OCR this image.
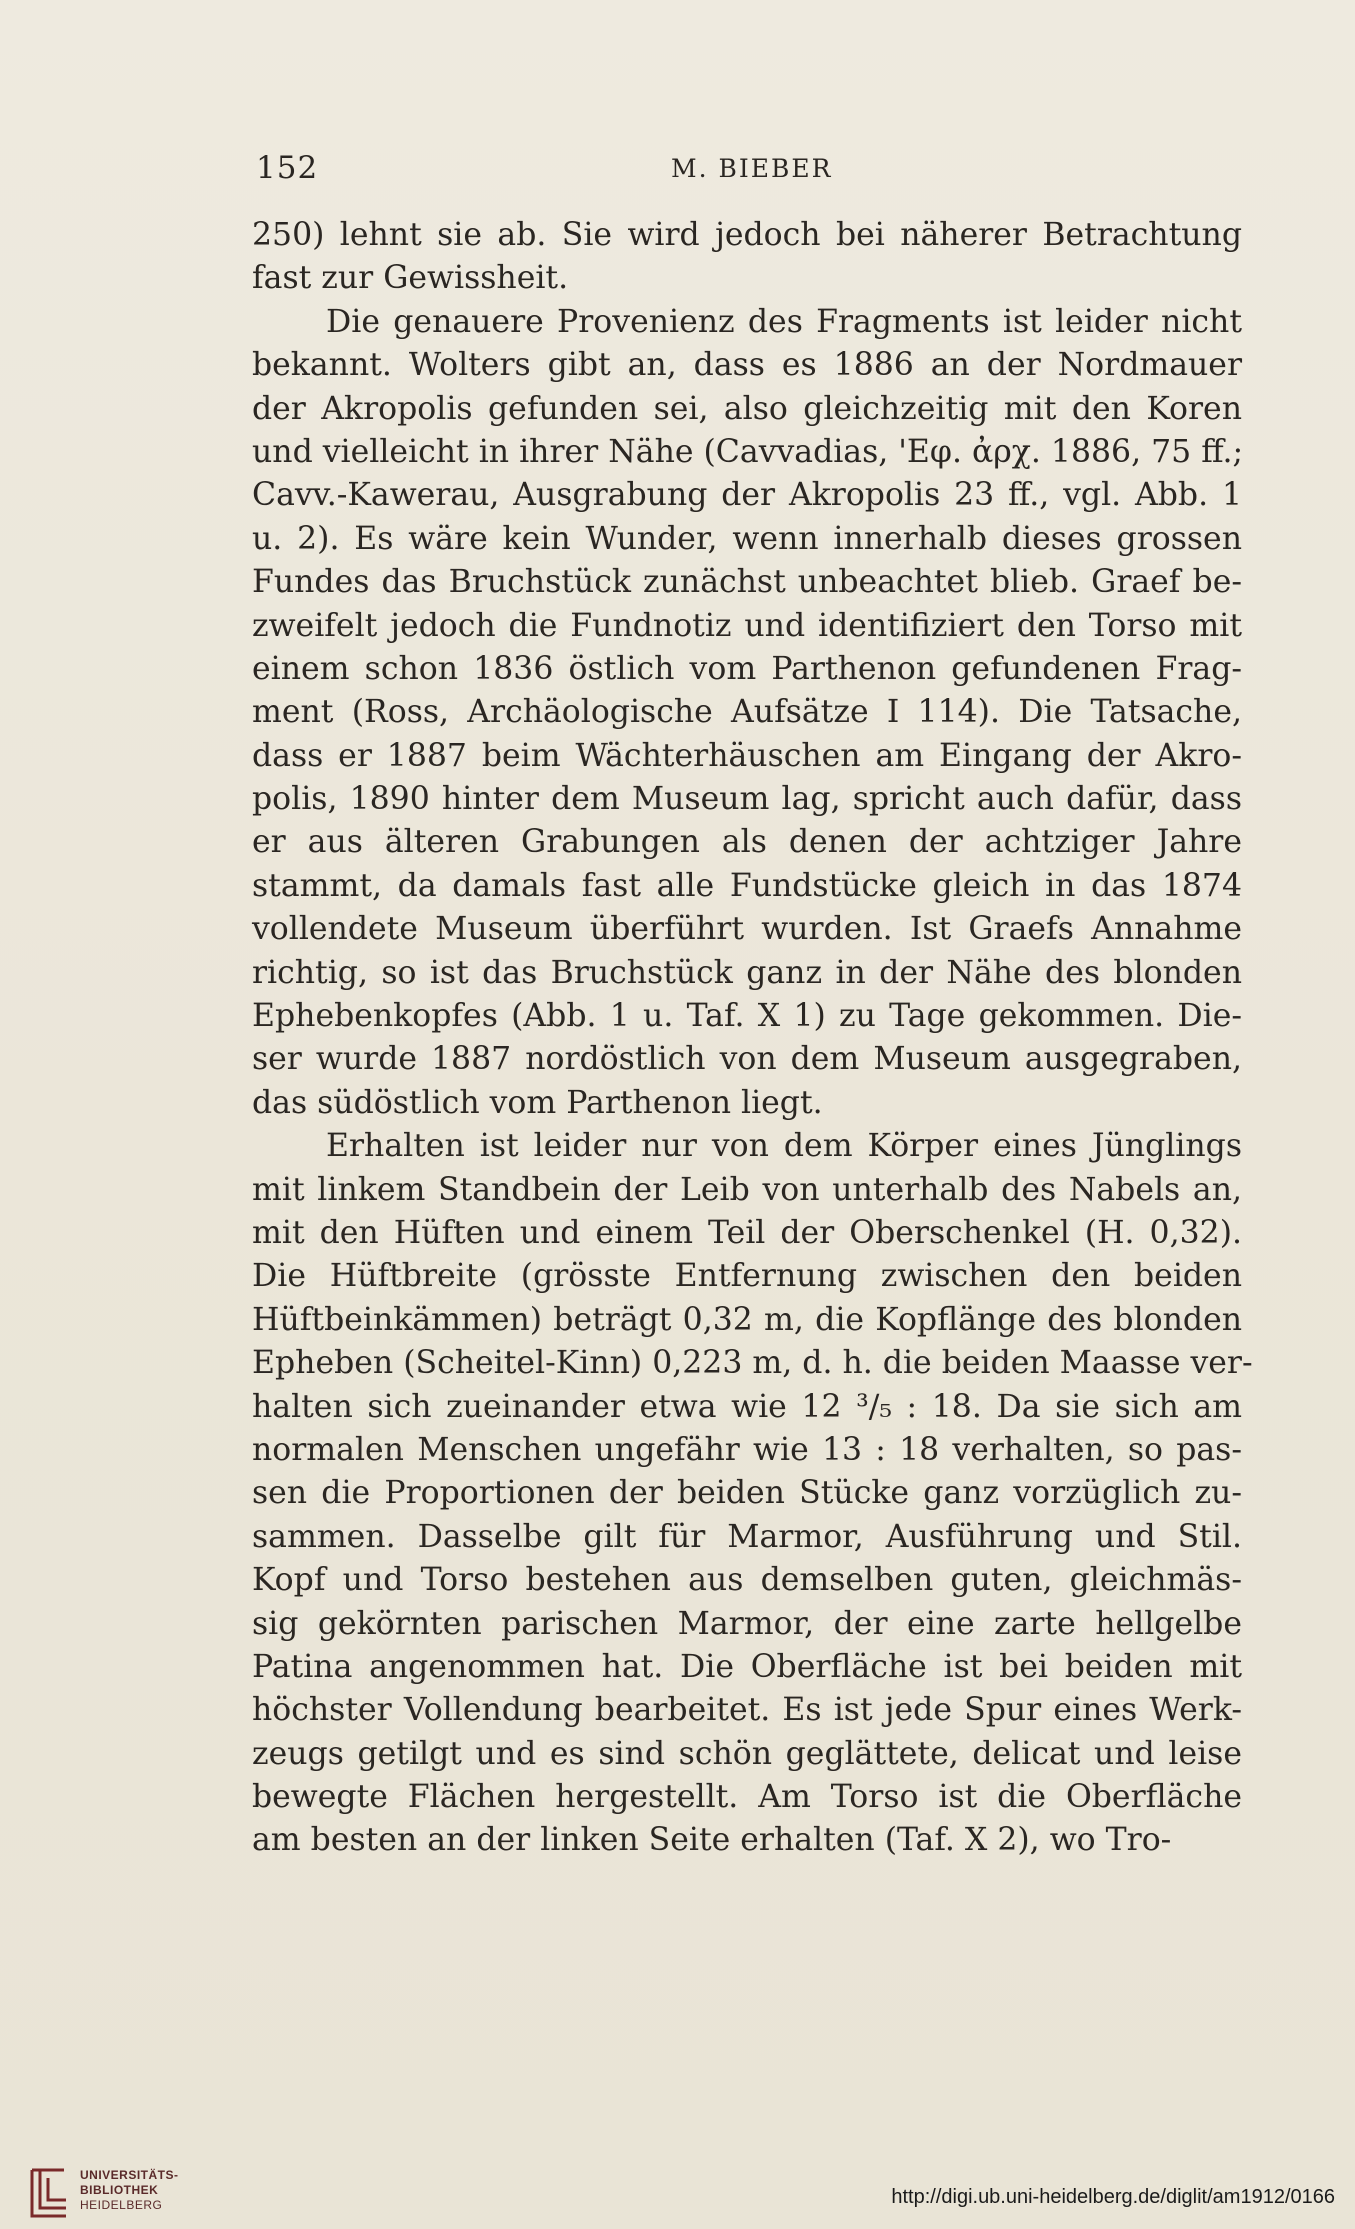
152	M. BIEBER
250) lehnt sie ab. Sie wird jedoch bei näherer Betrachtung
fast zur Gewissheit.
Die genauere Provenienz des Fragments ist leider nicht
bekannt. Wolters gibt an, dass es 1886 an der Nordmauer
der Akropolis gefunden sei, also gleichzeitig mit den Koren
und vielleicht in ihrer Nähe (Cavvadias, 'Εφ. ἀρχ. 1886, 75 ff.;
Cavv.-Kawerau, Ausgrabung der Akropolis 23 ff., vgl. Abb. 1
u. 2). Es wäre kein Wunder, wenn innerhalb dieses grossen
Fundes das Bruchstück zunächst unbeachtet blieb. Graef be-
zweifelt jedoch die Fundnotiz und identifiziert den Torso mit
einem schon 1836 östlich vom Parthenon gefundenen Frag-
ment (Ross, Archäologische Aufsätze I 114). Die Tatsache,
dass er 1887 beim Wächterhäuschen am Eingang der Akro-
polis, 1890 hinter dem Museum lag, spricht auch dafür, dass
er aus älteren Grabungen als denen der achtziger Jahre
stammt, da damals fast alle Fundstücke gleich in das 1874
vollendete Museum überführt wurden. Ist Graefs Annahme
richtig, so ist das Bruchstück ganz in der Nähe des blonden
Ephebenkopfes (Abb. 1 u. Taf. X 1) zu Tage gekommen. Die-
ser wurde 1887 nordöstlich von dem Museum ausgegraben,
das südöstlich vom Parthenon liegt.
Erhalten ist leider nur von dem Körper eines Jünglings
mit linkem Standbein der Leib von unterhalb des Nabels an,
mit den Hüften und einem Teil der Oberschenkel (H. 0,32).
Die Hüftbreite (grösste Entfernung zwischen den beiden
Hüftbeinkämmen) beträgt 0,32 m, die Kopflänge des blonden
Epheben (Scheitel-Kinn) 0,223 m, d. h. die beiden Maasse ver-
halten sich zueinander etwa wie 12 ³/₅ : 18. Da sie sich am
normalen Menschen ungefähr wie 13 : 18 verhalten, so pas-
sen die Proportionen der beiden Stücke ganz vorzüglich zu-
sammen. Dasselbe gilt für Marmor, Ausführung und Stil.
Kopf und Torso bestehen aus demselben guten, gleichmäs-
sig gekörnten parischen Marmor, der eine zarte hellgelbe
Patina angenommen hat. Die Oberfläche ist bei beiden mit
höchster Vollendung bearbeitet. Es ist jede Spur eines Werk-
zeugs getilgt und es sind schön geglättete, delicat und leise
bewegte Flächen hergestellt. Am Torso ist die Oberfläche
am besten an der linken Seite erhalten (Taf. X 2), wo Tro-
UNIVERSITÄTS-
BIBLIOTHEK
HEIDELBERG	http://digi.ub.uni-heidelberg.de/diglit/am1912/0166
